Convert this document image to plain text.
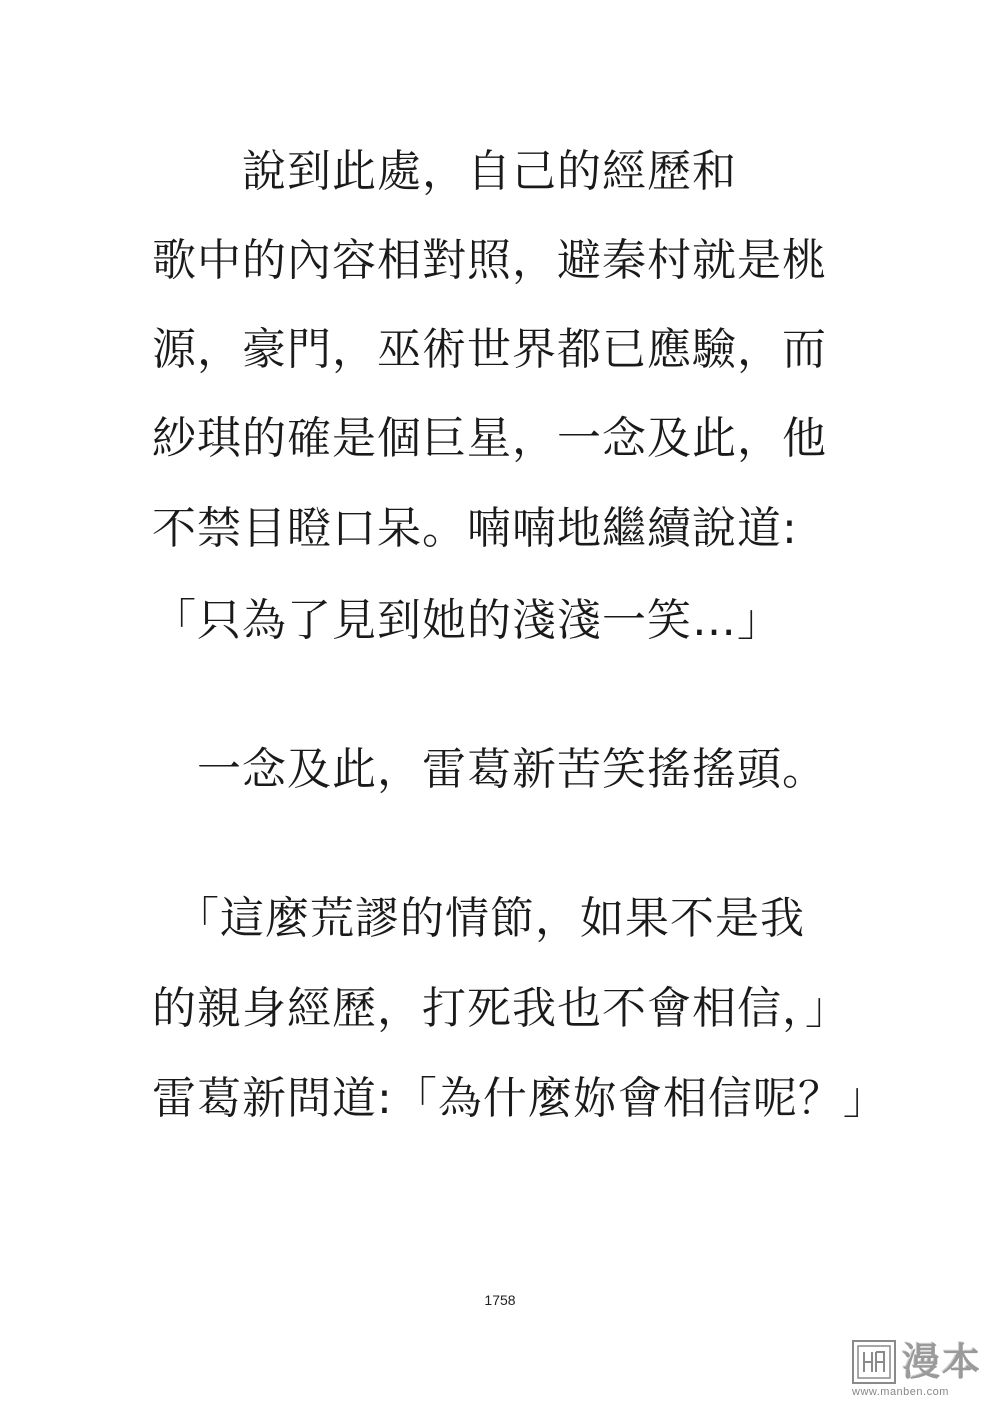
　　說到此處，自己的經歷和
歌中的內容相對照，避秦村就是桃
源，豪門，巫術世界都已應驗，而
紗琪的確是個巨星，一念及此，他
不禁目瞪口呆。喃喃地繼續說道:
「只為了見到她的淺淺一笑…」
　一念及此，雷葛新苦笑搖搖頭。
　「這麼荒謬的情節，如果不是我
的親身經歷，打死我也不會相信，」
雷葛新問道:「為什麼妳會相信呢？」
1758
漫本
www.manben.com
